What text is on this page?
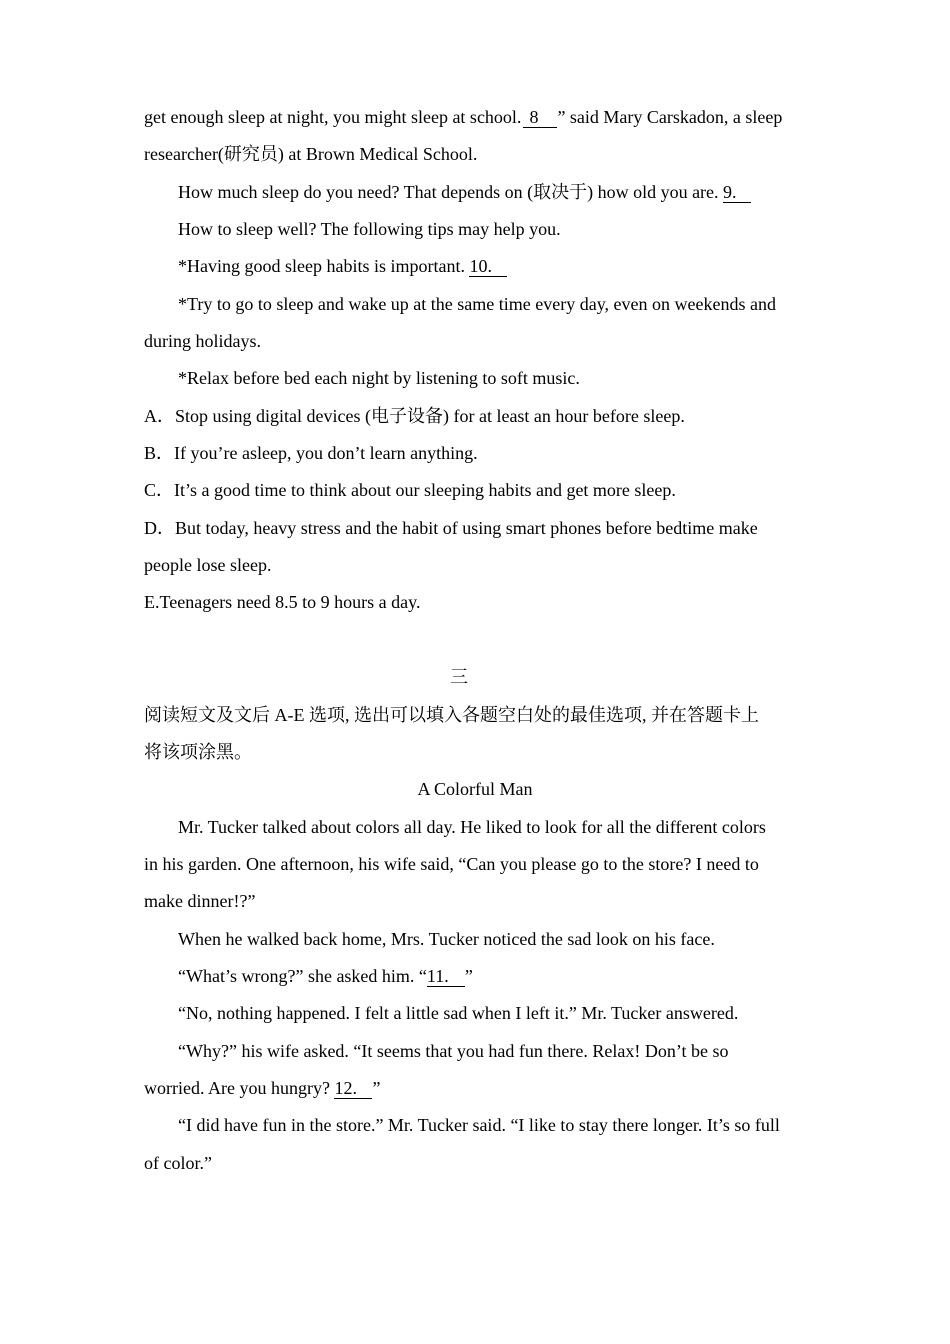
get enough sleep at night, you might sleep at school. 8 ” said Mary Carskadon, a sleep
researcher(研究员) at Brown Medical School.
How much sleep do you need? That depends on (取决于) how old you are. 9.
How to sleep well? The following tips may help you.
*Having good sleep habits is important. 10.
*Try to go to sleep and wake up at the same time every day, even on weekends and
during holidays.
*Relax before bed each night by listening to soft music.
A．Stop using digital devices (电子设备) for at least an hour before sleep.
B．If you’re asleep, you don’t learn anything.
C．It’s a good time to think about our sleeping habits and get more sleep.
D．But today, heavy stress and the habit of using smart phones before bedtime make
people lose sleep.
E.Teenagers need 8.5 to 9 hours a day.
三
阅读短文及文后 A-E 选项, 选出可以填入各题空白处的最佳选项, 并在答题卡上
将该项涂黑。
A Colorful Man
Mr. Tucker talked about colors all day. He liked to look for all the different colors
in his garden. One afternoon, his wife said, “Can you please go to the store? I need to
make dinner!?”
When he walked back home, Mrs. Tucker noticed the sad look on his face.
“What’s wrong?” she asked him. “11. ”
“No, nothing happened. I felt a little sad when I left it.” Mr. Tucker answered.
“Why?” his wife asked. “It seems that you had fun there. Relax! Don’t be so
worried. Are you hungry? 12. ”
“I did have fun in the store.” Mr. Tucker said. “I like to stay there longer. It’s so full
of color.”
